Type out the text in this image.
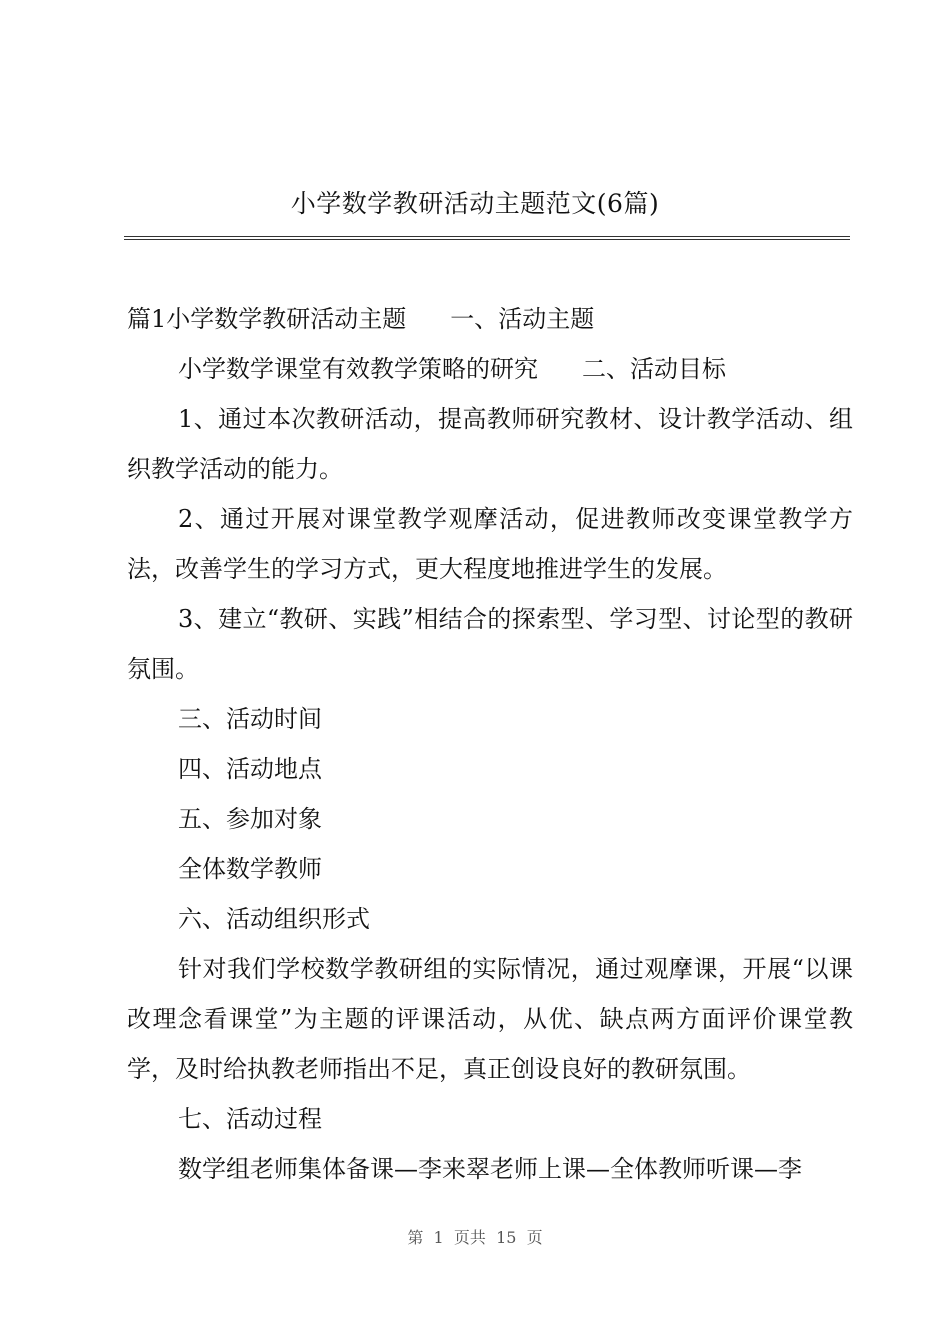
小学数学教研活动主题范文(6篇)

篇1小学数学教研活动主题 一、活动主题

小学数学课堂有效教学策略的研究 二、活动目标

1、通过本次教研活动，提高教师研究教材、设计教学活动、组织教学活动的能力。

2、通过开展对课堂教学观摩活动，促进教师改变课堂教学方法，改善学生的学习方式，更大程度地推进学生的发展。

3、建立“教研、实践”相结合的探索型、学习型、讨论型的教研氛围。

三、活动时间

四、活动地点

五、参加对象

全体数学教师

六、活动组织形式

针对我们学校数学教研组的实际情况，通过观摩课，开展“以课改理念看课堂”为主题的评课活动，从优、缺点两方面评价课堂教学，及时给执教老师指出不足，真正创设良好的教研氛围。

七、活动过程

数学组老师集体备课—李来翠老师上课—全体教师听课—李

第  1  页共  15  页
